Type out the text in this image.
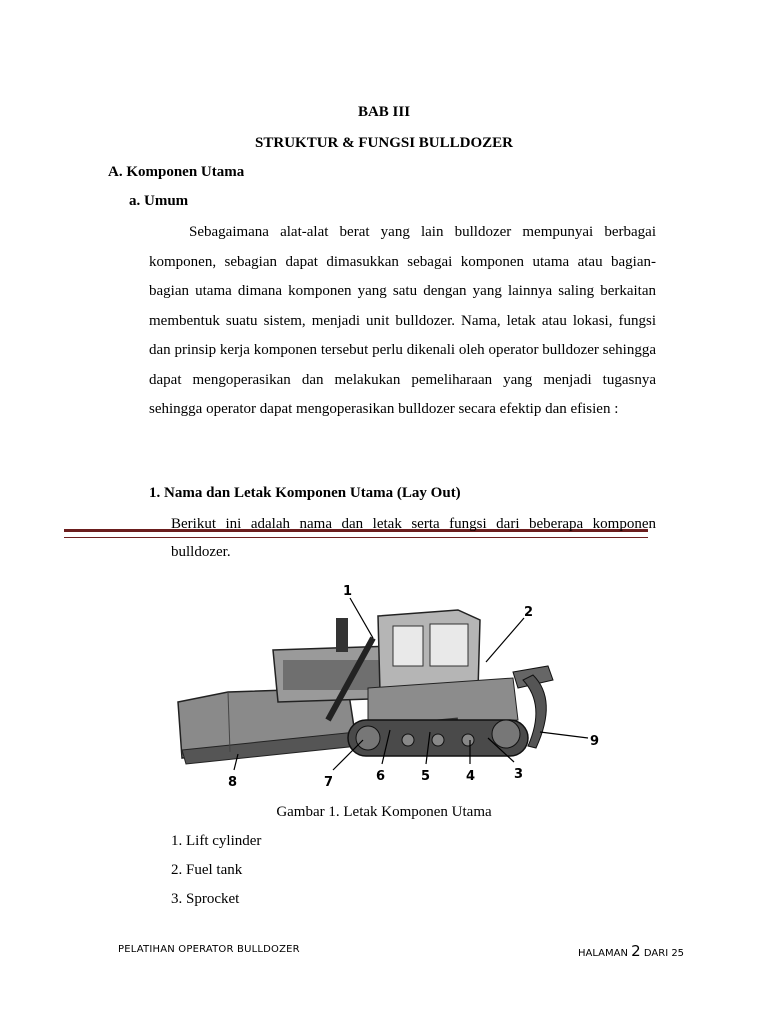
BAB III
STRUKTUR & FUNGSI BULLDOZER
A. Komponen Utama
a. Umum
Sebagaimana alat-alat berat yang lain bulldozer mempunyai berbagai komponen, sebagian dapat dimasukkan sebagai komponen utama atau bagian-bagian utama dimana komponen yang satu dengan yang lainnya saling berkaitan membentuk suatu sistem, menjadi unit bulldozer. Nama, letak atau lokasi, fungsi dan prinsip kerja komponen tersebut perlu dikenali oleh operator bulldozer sehingga dapat mengoperasikan dan melakukan pemeliharaan yang menjadi tugasnya sehingga operator dapat mengoperasikan bulldozer secara efektip dan efisien :
1. Nama dan Letak Komponen Utama (Lay Out)
Berikut ini adalah nama dan letak serta fungsi dari beberapa komponen bulldozer.
1
2
3
4
5
6
7
8
9
Gambar 1. Letak Komponen Utama
1. Lift cylinder
2. Fuel tank
3. Sprocket
PELATIHAN OPERATOR BULLDOZER	HALAMAN 2 DARI 25
